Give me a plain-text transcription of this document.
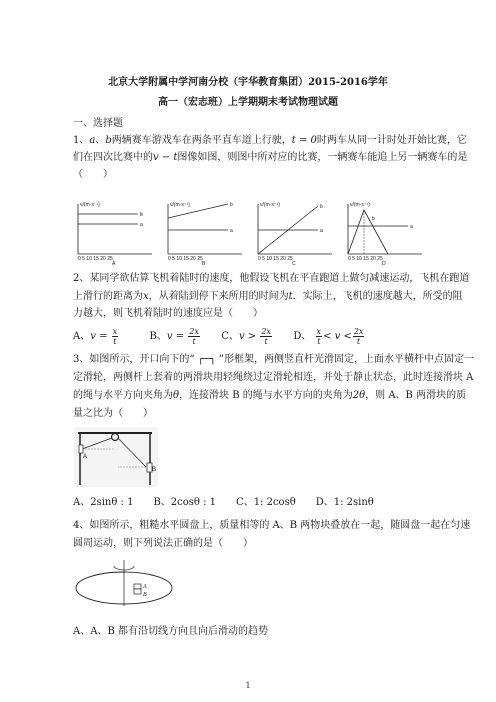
北京大学附属中学河南分校（宇华教育集团）2015-2016学年
高一（宏志班）上学期期末考试物理试题
一、选择题
1、a、b两辆赛车游戏车在两条平直车道上行驶，t = 0时两车从同一计时处开始比赛，它
们在四次比赛中的v − t图像如图，则图中所对应的比赛，一辆赛车能追上另一辆赛车的是
（　　）
v/(m·s⁻¹)
b
a
0 5 10 15 20 25
A
v/(m·s⁻¹)	b
a
0 5 10 15 20 25
B
v/(m·s⁻¹)	b
a
0 5 10 15 20 25
C
v/(m·s⁻¹)
a
b
0 5 10 15 20 25
D
2、某同学欲估算飞机着陆时的速度，他假设飞机在平直跑道上做匀减速运动，飞机在跑道
上滑行的距离为x，从着陆到停下来所用的时间为t．实际上，飞机的速度越大，所受的阻
力越大，则飞机着陆时的速度应是（　　）
A、$v = \frac{x}{t}$	B、$v = \frac{2x}{t}$ C、$v > \frac{2x}{t}$ D、 $\frac{x}{t} < v < \frac{2x}{t}$
3、如图所示，开口向下的“ ┌─┐ ”形框架，两侧竖直杆光滑固定，上面水平横杆中点固定一
定滑轮，两侧杆上套着的两滑块用轻绳绕过定滑轮相连，并处于静止状态，此时连接滑块 A
的绳与水平方向夹角为θ，连接滑块 B 的绳与水平方向的夹角为2θ，则 A、B 两滑块的质
量之比为（　　）
A
B
A、2sinθ : 1　　B、2cosθ : 1　　C、1: 2cosθ　　D、1: 2sinθ
4、如图所示，粗糙水平圆盘上，质量相等的 A、B 两物块叠放在一起，随圆盘一起在匀速
圆周运动，则下列说法正确的是（　　）
A
B
A、A、B 都有沿切线方向且向后滑动的趋势
1
